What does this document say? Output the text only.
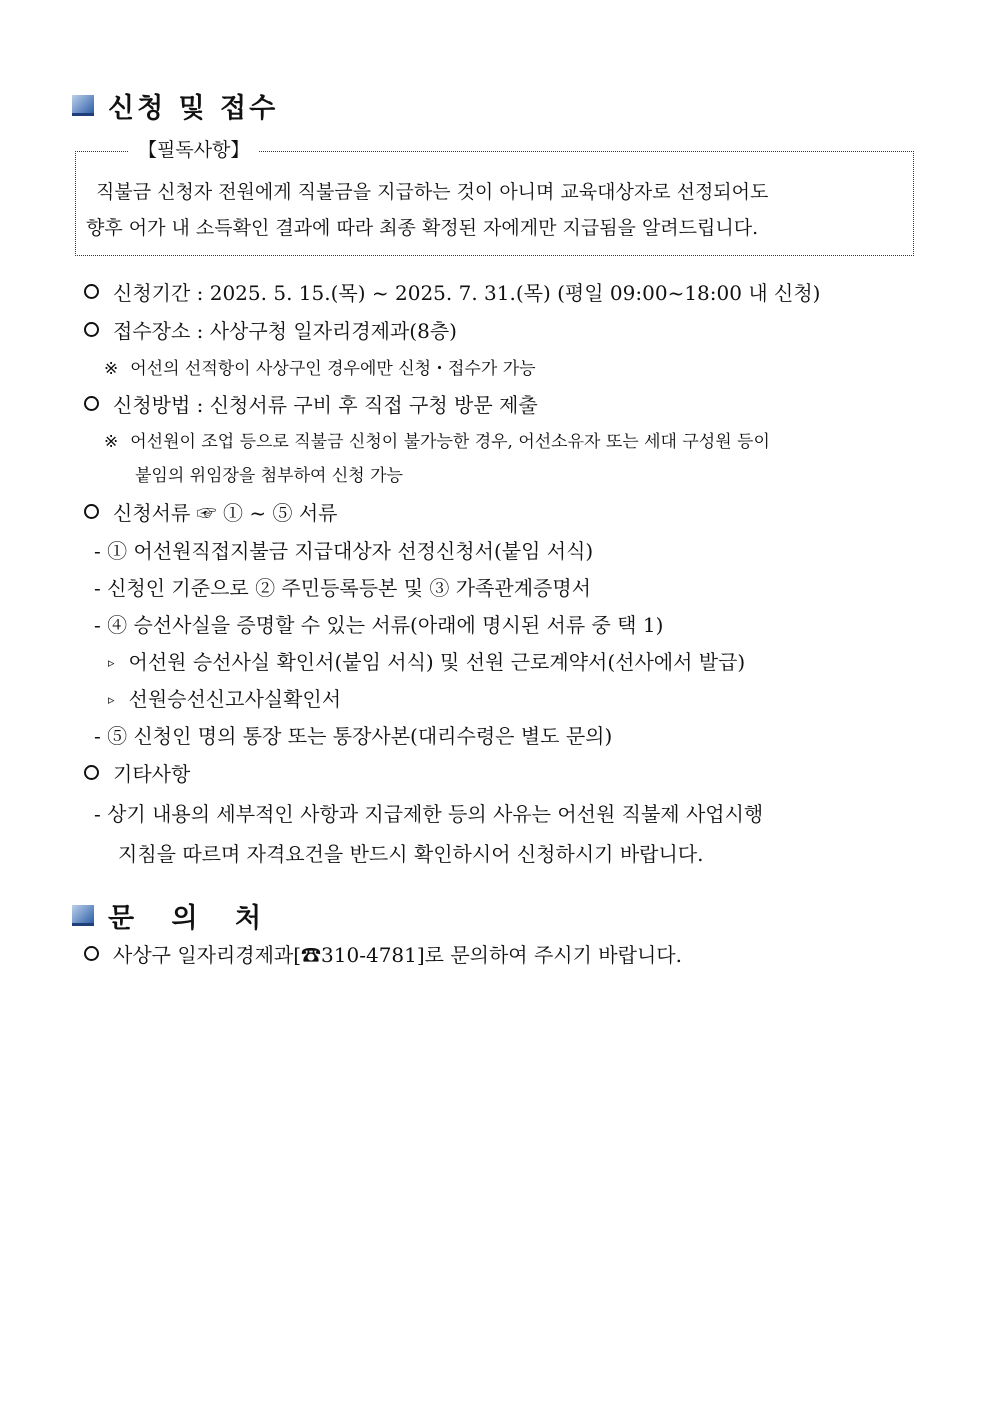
신청 및 접수
【필독사항】
직불금 신청자 전원에게 직불금을 지급하는 것이 아니며 교육대상자로 선정되어도
향후 어가 내 소득확인 결과에 따라 최종 확정된 자에게만 지급됨을 알려드립니다.
신청기간 : 2025. 5. 15.(목) ~ 2025. 7. 31.(목) (평일 09:00~18:00 내 신청)
접수장소 : 사상구청 일자리경제과(8층)
※ 어선의 선적항이 사상구인 경우에만 신청・접수가 가능
신청방법 : 신청서류 구비 후 직접 구청 방문 제출
※ 어선원이 조업 등으로 직불금 신청이 불가능한 경우, 어선소유자 또는 세대 구성원 등이
붙임의 위임장을 첨부하여 신청 가능
신청서류 ☞ ① ~ ⑤ 서류
- ① 어선원직접지불금 지급대상자 선정신청서(붙임 서식)
- 신청인 기준으로 ② 주민등록등본 및 ③ 가족관계증명서
- ④ 승선사실을 증명할 수 있는 서류(아래에 명시된 서류 중 택 1)
▹ 어선원 승선사실 확인서(붙임 서식) 및 선원 근로계약서(선사에서 발급)
▹ 선원승선신고사실확인서
- ⑤ 신청인 명의 통장 또는 통장사본(대리수령은 별도 문의)
기타사항
- 상기 내용의 세부적인 사항과 지급제한 등의 사유는 어선원 직불제 사업시행
지침을 따르며 자격요건을 반드시 확인하시어 신청하시기 바랍니다.
문 의 처
사상구 일자리경제과[☎310-4781]로 문의하여 주시기 바랍니다.
